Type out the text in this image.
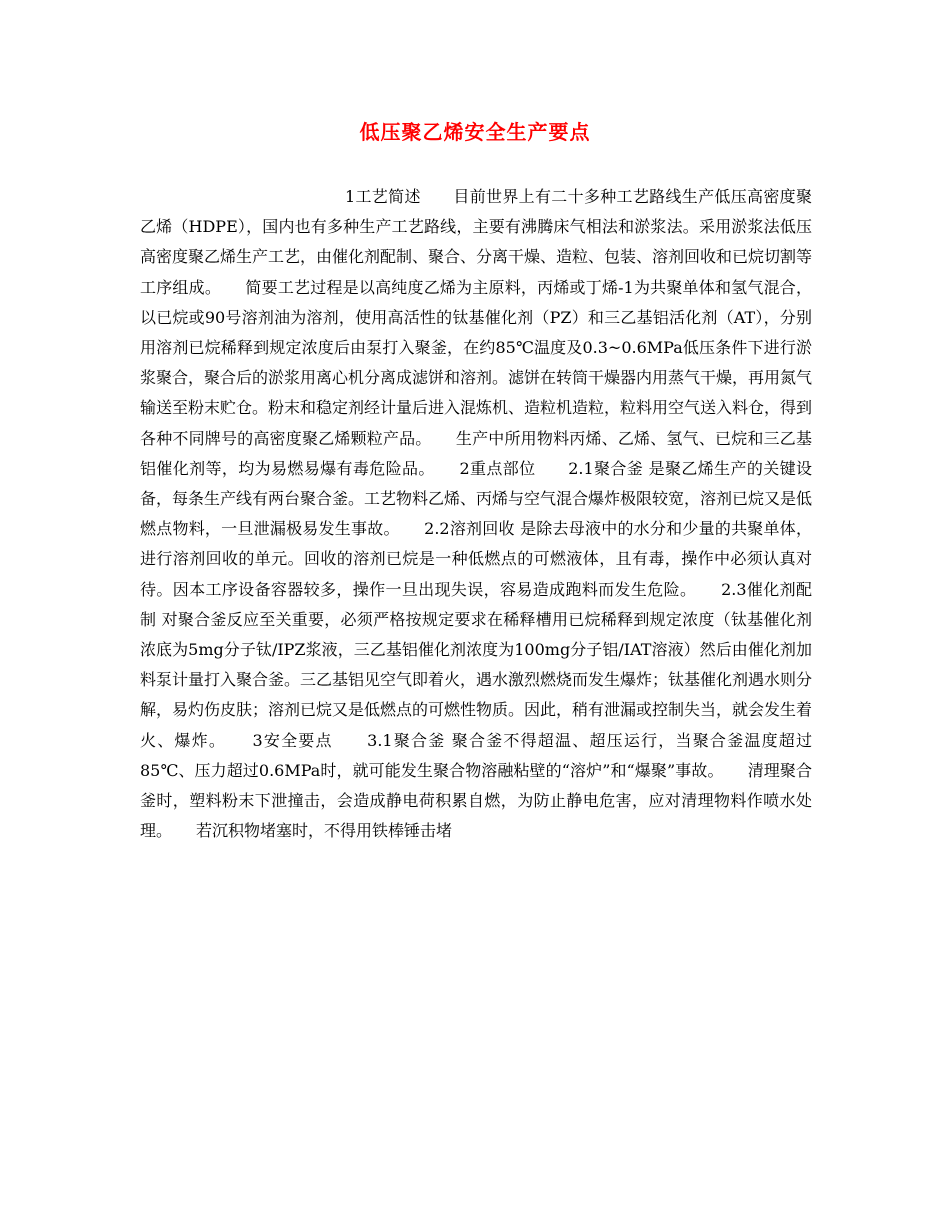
低压聚乙烯安全生产要点

1工艺简述　　目前世界上有二十多种工艺路线生产低压高密度聚乙烯（HDPE），国内也有多种生产工艺路线，主要有沸腾床气相法和淤浆法。采用淤浆法低压高密度聚乙烯生产工艺，由催化剂配制、聚合、分离干燥、造粒、包装、溶剂回收和已烷切割等工序组成。　　简要工艺过程是以高纯度乙烯为主原料，丙烯或丁烯-1为共聚单体和氢气混合，以已烷或90号溶剂油为溶剂，使用高活性的钛基催化剂（PZ）和三乙基铝活化剂（AT），分别用溶剂已烷稀释到规定浓度后由泵打入聚釜，在约85℃温度及0.3~0.6MPa低压条件下进行淤浆聚合，聚合后的淤浆用离心机分离成滤饼和溶剂。滤饼在转筒干燥器内用蒸气干燥，再用氮气输送至粉末贮仓。粉末和稳定剂经计量后进入混炼机、造粒机造粒，粒料用空气送入料仓，得到各种不同牌号的高密度聚乙烯颗粒产品。　　生产中所用物料丙烯、乙烯、氢气、已烷和三乙基铝催化剂等，均为易燃易爆有毒危险品。　　2重点部位　　2.1聚合釜 是聚乙烯生产的关键设备，每条生产线有两台聚合釜。工艺物料乙烯、丙烯与空气混合爆炸极限较宽，溶剂已烷又是低燃点物料，一旦泄漏极易发生事故。　　2.2溶剂回收 是除去母液中的水分和少量的共聚单体，进行溶剂回收的单元。回收的溶剂已烷是一种低燃点的可燃液体，且有毒，操作中必须认真对待。因本工序设备容器较多，操作一旦出现失误，容易造成跑料而发生危险。　　2.3催化剂配制 对聚合釜反应至关重要，必须严格按规定要求在稀释槽用已烷稀释到规定浓度（钛基催化剂浓底为5mg分子钛/IPZ浆液，三乙基铝催化剂浓度为100mg分子铝/IAT溶液）然后由催化剂加料泵计量打入聚合釜。三乙基铝见空气即着火，遇水激烈燃烧而发生爆炸；钛基催化剂遇水则分解，易灼伤皮肤；溶剂已烷又是低燃点的可燃性物质。因此，稍有泄漏或控制失当，就会发生着火、爆炸。　　3安全要点　　3.1聚合釜 聚合釜不得超温、超压运行，当聚合釜温度超过85℃、压力超过0.6MPa时，就可能发生聚合物溶融粘壁的“溶炉”和“爆聚”事故。　　清理聚合釜时，塑料粉末下泄撞击，会造成静电荷积累自燃，为防止静电危害，应对清理物料作喷水处理。　　若沉积物堵塞时，不得用铁棒锤击堵
